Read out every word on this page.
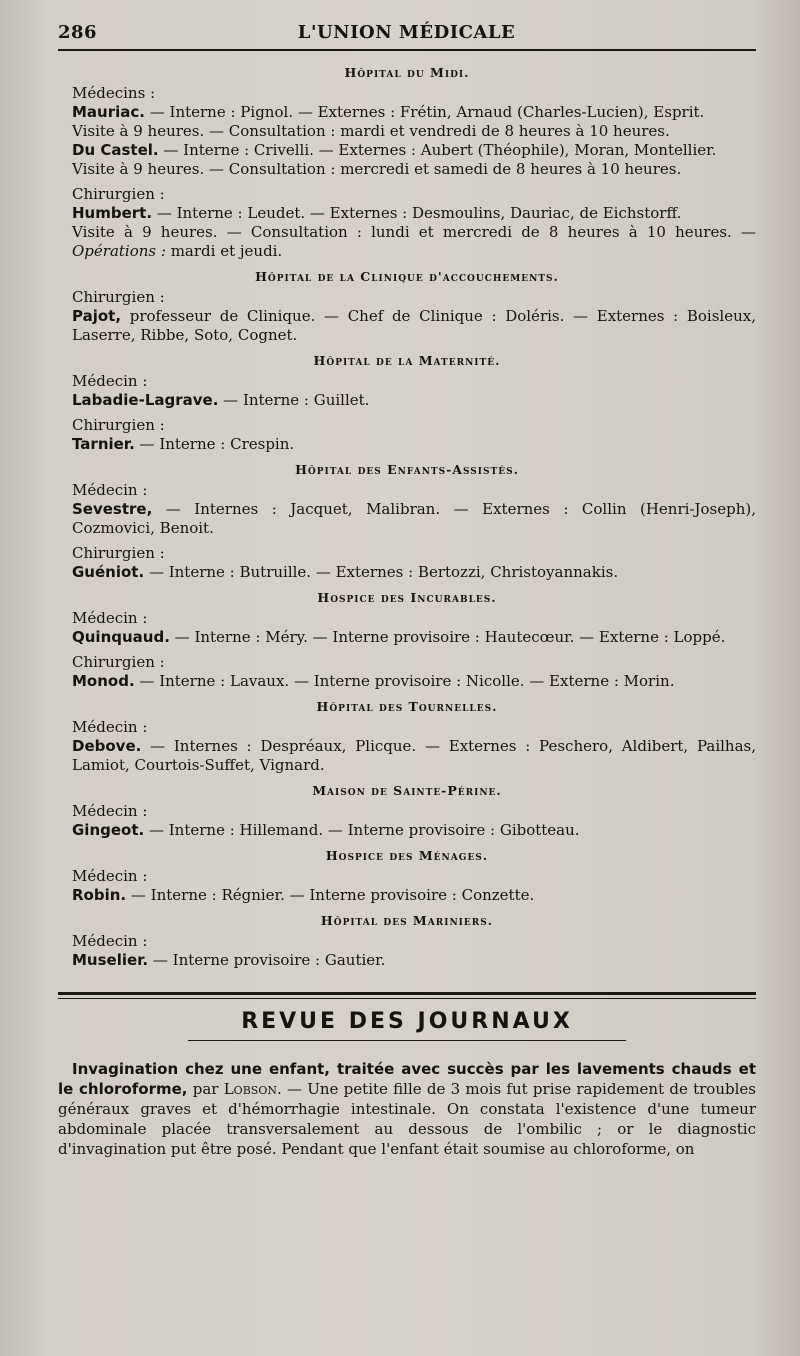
286	L'UNION MÉDICALE
Hôpital du Midi.
Médecins :
Mauriac. — Interne : Pignol. — Externes : Frétin, Arnaud (Charles-Lucien), Esprit.
Visite à 9 heures. — Consultation : mardi et vendredi de 8 heures à 10 heures.
Du Castel. — Interne : Crivelli. — Externes : Aubert (Théophile), Moran, Montellier.
Visite à 9 heures. — Consultation : mercredi et samedi de 8 heures à 10 heures.
Chirurgien :
Humbert. — Interne : Leudet. — Externes : Desmoulins, Dauriac, de Eichstorff.
Visite à 9 heures. — Consultation : lundi et mercredi de 8 heures à 10 heures. — Opérations : mardi et jeudi.
Hôpital de la Clinique d'accouchements.
Chirurgien :
Pajot, professeur de Clinique. — Chef de Clinique : Doléris. — Externes : Boisleux, Laserre, Ribbe, Soto, Cognet.
Hôpital de la Maternité.
Médecin :
Labadie-Lagrave. — Interne : Guillet.
Chirurgien :
Tarnier. — Interne : Crespin.
Hôpital des Enfants-Assistés.
Médecin :
Sevestre, — Internes : Jacquet, Malibran. — Externes : Collin (Henri-Joseph), Cozmovici, Benoit.
Chirurgien :
Guéniot. — Interne : Butruille. — Externes : Bertozzi, Christoyannakis.
Hospice des Incurables.
Médecin :
Quinquaud. — Interne : Méry. — Interne provisoire : Hautecœur. — Externe : Loppé.
Chirurgien :
Monod. — Interne : Lavaux. — Interne provisoire : Nicolle. — Externe : Morin.
Hôpital des Tournelles.
Médecin :
Debove. — Internes : Despréaux, Plicque. — Externes : Peschero, Aldibert, Pailhas, Lamiot, Courtois-Suffet, Vignard.
Maison de Sainte-Périne.
Médecin :
Gingeot. — Interne : Hillemand. — Interne provisoire : Gibotteau.
Hospice des Ménages.
Médecin :
Robin. — Interne : Régnier. — Interne provisoire : Conzette.
Hôpital des Mariniers.
Médecin :
Muselier. — Interne provisoire : Gautier.
REVUE DES JOURNAUX

Invagination chez une enfant, traitée avec succès par les lavements chauds et le chloroforme, par Lobson. — Une petite fille de 3 mois fut prise rapidement de troubles généraux graves et d'hémorrhagie intestinale. On constata l'existence d'une tumeur abdominale placée transversalement au dessous de l'ombilic ; or le diagnostic d'invagination put être posé. Pendant que l'enfant était soumise au chloroforme, on
